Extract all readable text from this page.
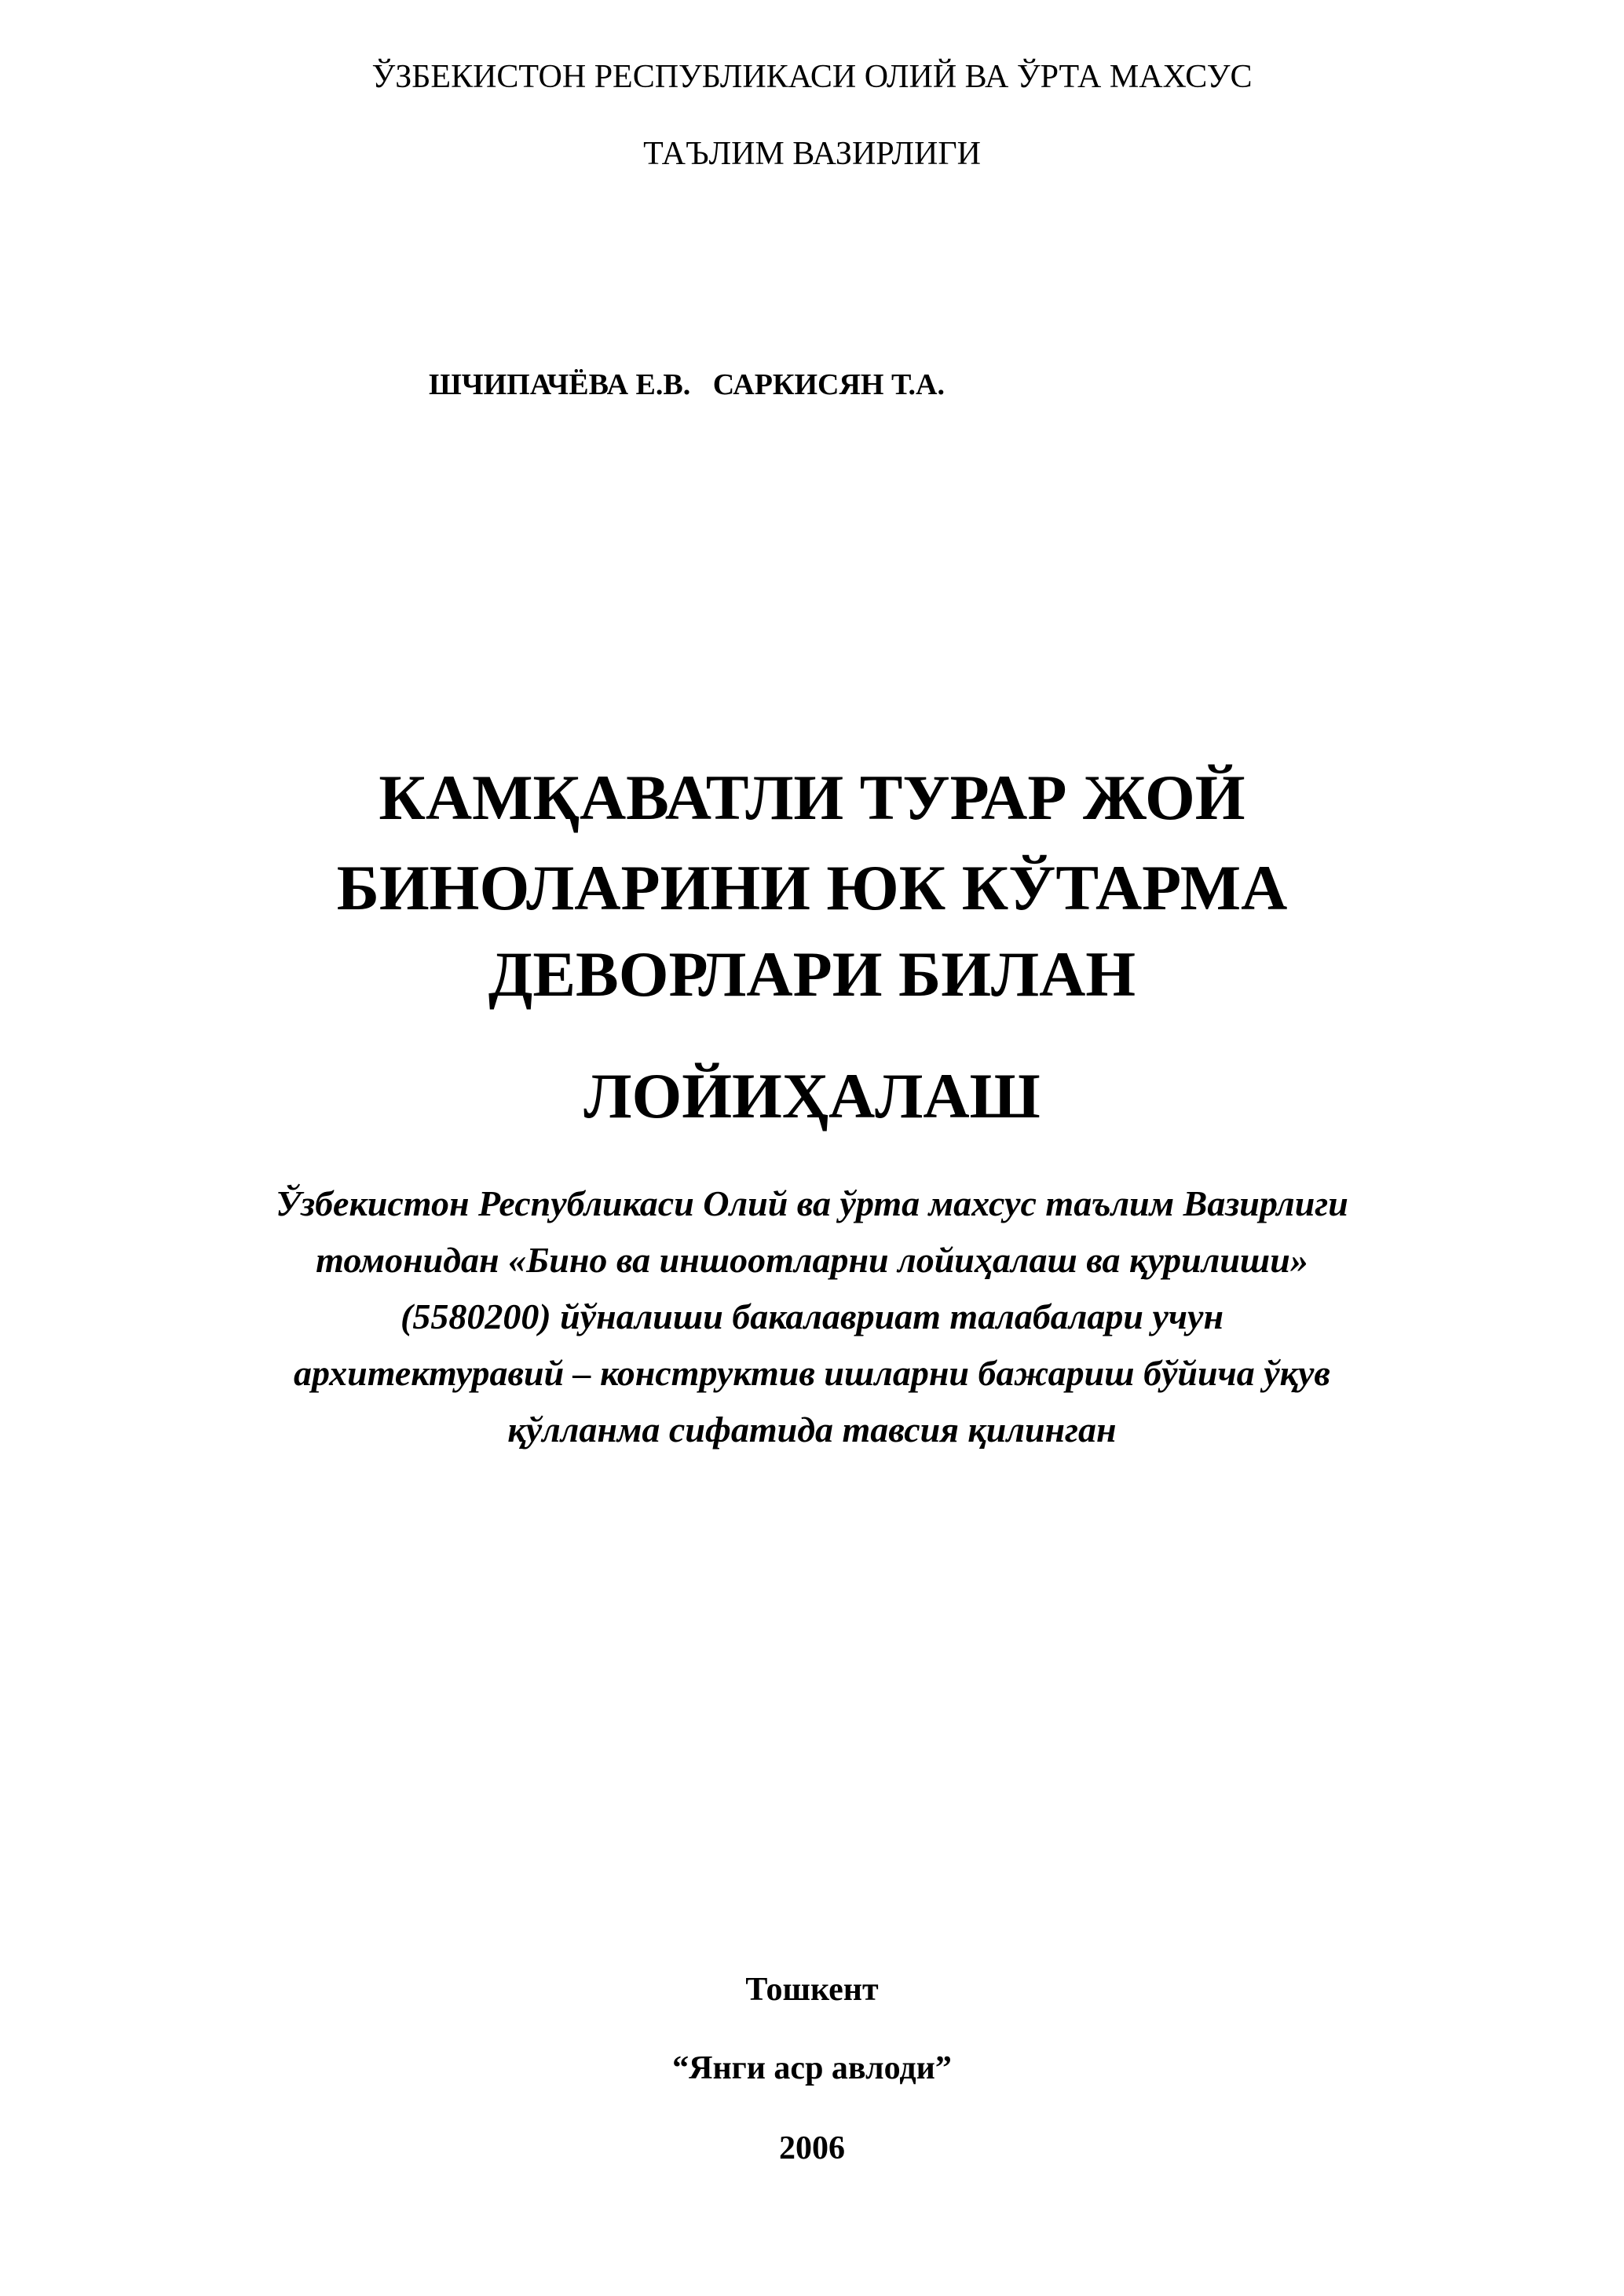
ЎЗБЕКИСТОН РЕСПУБЛИКАСИ ОЛИЙ ВА ЎРТА МАХСУС
ТАЪЛИМ ВАЗИРЛИГИ
ШЧИПАЧЁВА Е.В.   САРКИСЯН Т.А.
КАМҚАВАТЛИ ТУРАР ЖОЙ
БИНОЛАРИНИ ЮК КЎТАРМА
ДЕВОРЛАРИ БИЛАН
ЛОЙИҲАЛАШ
Ўзбекистон Республикаси Олий ва ўрта махсус таълим Вазирлиги
томонидан «Бино ва иншоотларни лойиҳалаш ва қурилиши»
(5580200) йўналиши бакалавриат талабалари учун
архитектуравий – конструктив ишларни бажариш бўйича ўқув
қўлланма сифатида тавсия қилинган
Тошкент
“Янги аср авлоди”
2006
